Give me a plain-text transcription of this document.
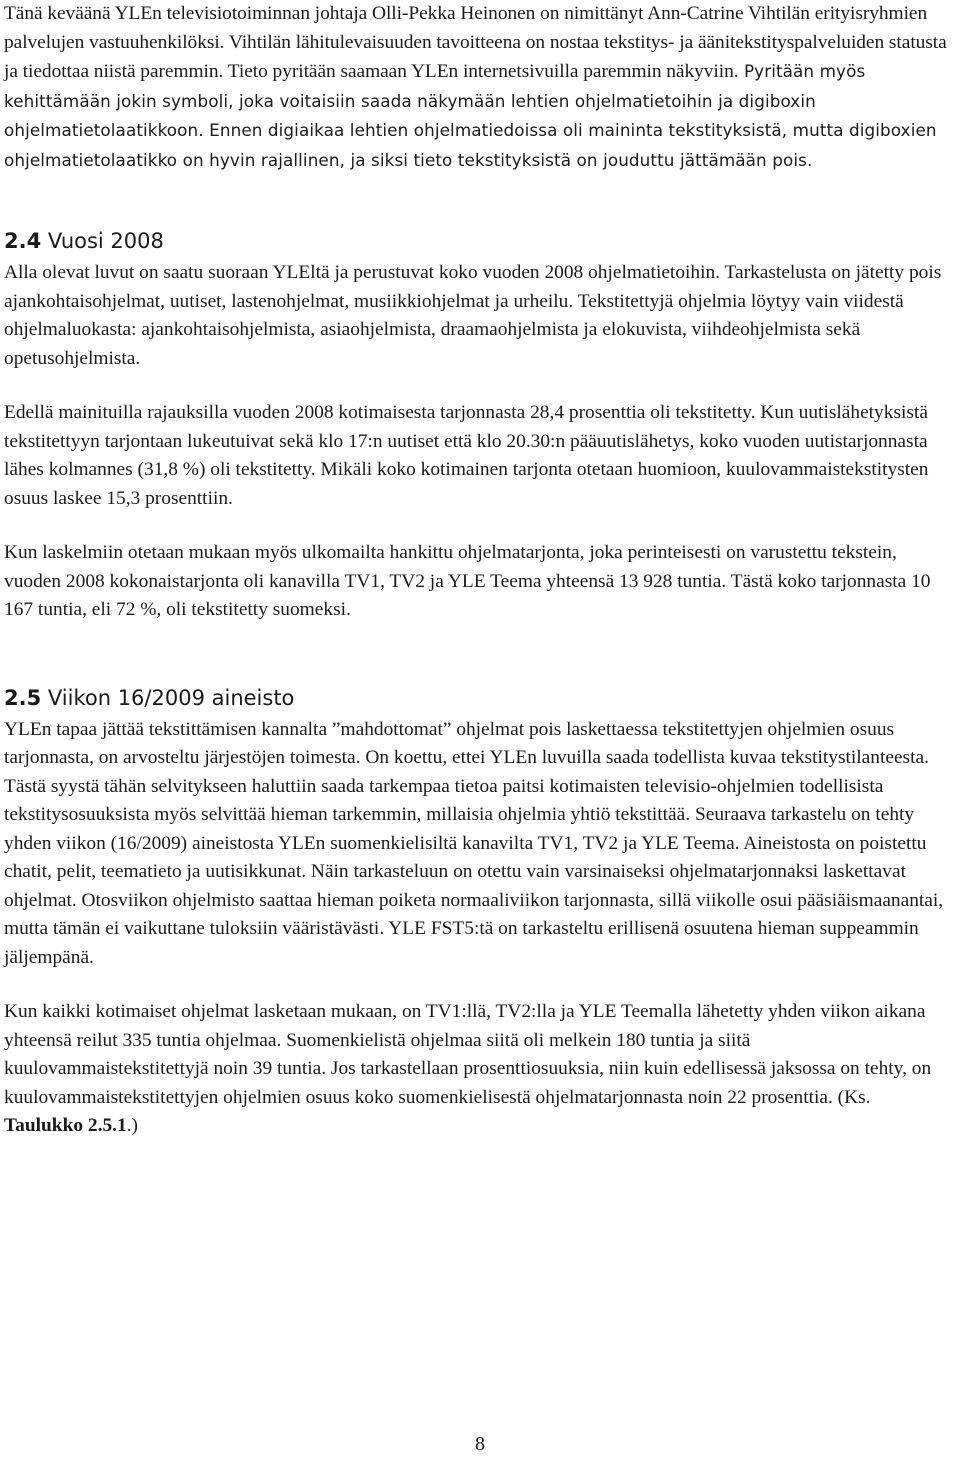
Tänä keväänä YLEn televisiotoiminnan johtaja Olli-Pekka Heinonen on nimittänyt Ann-Catrine Vihtilän erityisryhmien palvelujen vastuuhenkilöksi. Vihtilän lähitulevaisuuden tavoitteena on nostaa tekstitys- ja äänitekstityspalveluiden statusta ja tiedottaa niistä paremmin. Tieto pyritään saamaan YLEn internetsivuilla paremmin näkyviin. Pyritään myös kehittämään jokin symboli, joka voitaisiin saada näkymään lehtien ohjelmatietoihin ja digiboxin ohjelmatietolaatikkoon. Ennen digiaikaa lehtien ohjelmatiedoissa oli maininta tekstityksistä, mutta digiboxien ohjelmatietolaatikko on hyvin rajallinen, ja siksi tieto tekstityksistä on jouduttu jättämään pois.

2.4 Vuosi 2008

Alla olevat luvut on saatu suoraan YLEltä ja perustuvat koko vuoden 2008 ohjelmatietoihin. Tarkastelusta on jätetty pois ajankohtaisohjelmat, uutiset, lastenohjelmat, musiikkiohjelmat ja urheilu. Tekstitettyjä ohjelmia löytyy vain viidestä ohjelmaluokasta: ajankohtaisohjelmista, asiaohjelmista, draamaohjelmista ja elokuvista, viihdeohjelmista sekä opetusohjelmista.

Edellä mainituilla rajauksilla vuoden 2008 kotimaisesta tarjonnasta 28,4 prosenttia oli tekstitetty. Kun uutislähetyksistä tekstitettyyn tarjontaan lukeutuivat sekä klo 17:n uutiset että klo 20.30:n pääuutislähetys, koko vuoden uutistarjonnasta lähes kolmannes (31,8 %) oli tekstitetty. Mikäli koko kotimainen tarjonta otetaan huomioon, kuulovammaistekstitysten osuus laskee 15,3 prosenttiin.

Kun laskelmiin otetaan mukaan myös ulkomailta hankittu ohjelmatarjonta, joka perinteisesti on varustettu tekstein, vuoden 2008 kokonaistarjonta oli kanavilla TV1, TV2 ja YLE Teema yhteensä 13 928 tuntia. Tästä koko tarjonnasta 10 167 tuntia, eli 72 %, oli tekstitetty suomeksi.

2.5 Viikon 16/2009 aineisto

YLEn tapaa jättää tekstittämisen kannalta ”mahdottomat” ohjelmat pois laskettaessa tekstitettyjen ohjelmien osuus tarjonnasta, on arvosteltu järjestöjen toimesta. On koettu, ettei YLEn luvuilla saada todellista kuvaa tekstitystilanteesta. Tästä syystä tähän selvitykseen haluttiin saada tarkempaa tietoa paitsi kotimaisten televisio-ohjelmien todellisista tekstitysosuuksista myös selvittää hieman tarkemmin, millaisia ohjelmia yhtiö tekstittää. Seuraava tarkastelu on tehty yhden viikon (16/2009) aineistosta YLEn suomenkielisiltä kanavilta TV1, TV2 ja YLE Teema. Aineistosta on poistettu chatit, pelit, teematieto ja uutisikkunat. Näin tarkasteluun on otettu vain varsinaiseksi ohjelmatarjonnaksi laskettavat ohjelmat. Otosviikon ohjelmisto saattaa hieman poiketa normaaliviikon tarjonnasta, sillä viikolle osui pääsiäismaanantai, mutta tämän ei vaikuttane tuloksiin vääristävästi. YLE FST5:tä on tarkasteltu erillisenä osuutena hieman suppeammin jäljempänä.

Kun kaikki kotimaiset ohjelmat lasketaan mukaan, on TV1:llä, TV2:lla ja YLE Teemalla lähetetty yhden viikon aikana yhteensä reilut 335 tuntia ohjelmaa. Suomenkielistä ohjelmaa siitä oli melkein 180 tuntia ja siitä kuulovammaistekstitettyjä noin 39 tuntia. Jos tarkastellaan prosenttiosuuksia, niin kuin edellisessä jaksossa on tehty, on kuulovammaistekstitettyjen ohjelmien osuus koko suomenkielisestä ohjelmatarjonnasta noin 22 prosenttia. (Ks. Taulukko 2.5.1.)

8
